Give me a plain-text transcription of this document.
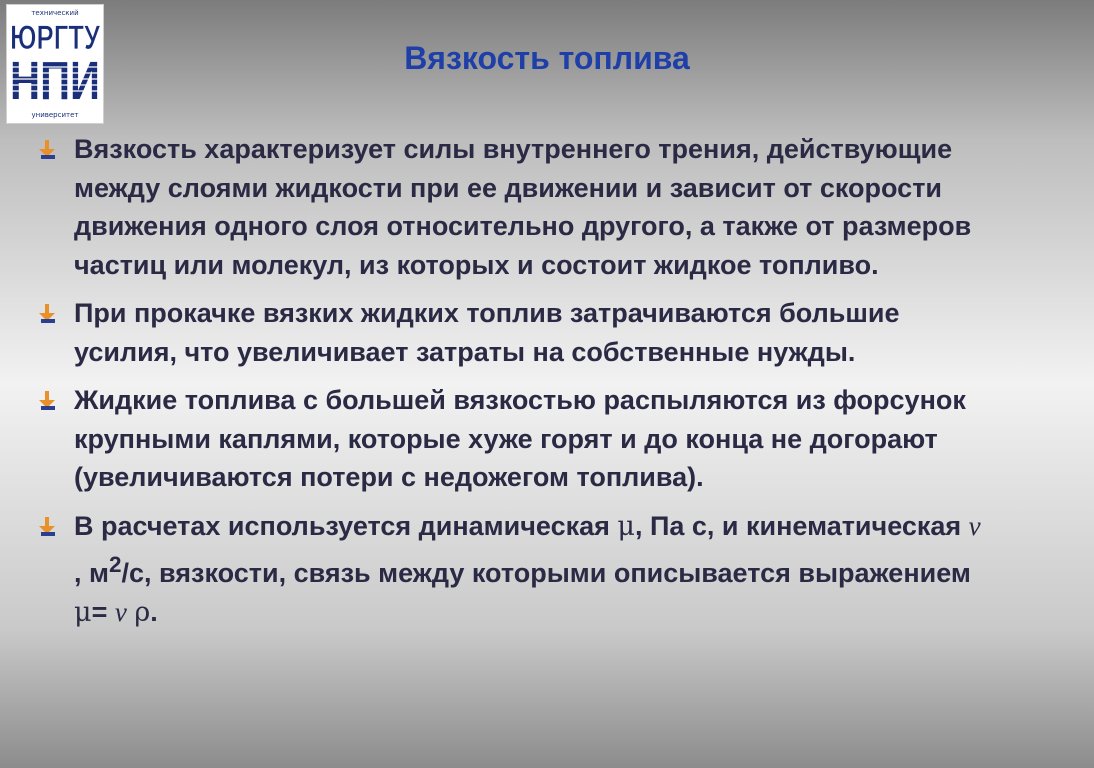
технический
ЮРГТУ
НПИ
университет
Вязкость топлива
Вязкость характеризует силы внутреннего трения, действующие между слоями жидкости при ее движении и зависит от скорости движения одного слоя относительно другого, а также от размеров частиц или молекул, из которых и состоит жидкое топливо.
При прокачке вязких жидких топлив затрачиваются большие усилия, что увеличивает затраты на собственные нужды.
Жидкие топлива с большей вязкостью распыляются из форсунок крупными каплями, которые хуже горят и до конца не догорают (увеличиваются потери с недожегом топлива).
В расчетах используется динамическая μ, Па с, и кинематическая ν , $м^2/с$, вязкости, связь между которыми описывается выражением μ= ν ρ.
